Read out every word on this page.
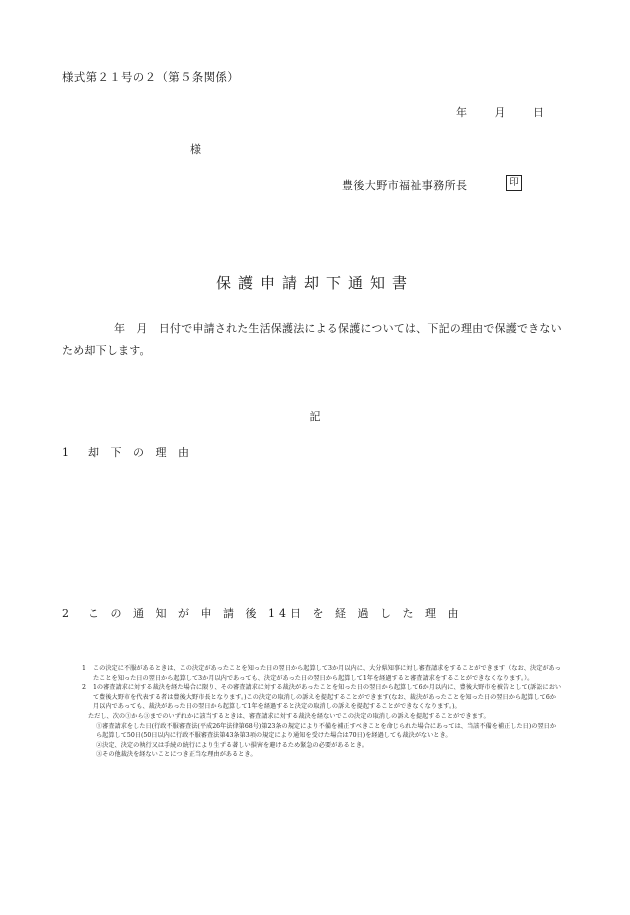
様式第２１号の２（第５条関係）
年	月	日
様
豊後大野市福祉事務所長	印
保護申請却下通知書
年　月　日付で申請された生活保護法による保護については、下記の理由で保護できないため却下します。
記
1　却 下 の 理 由
2　こ の 通 知 が 申 請 後 14日 を 経 過 し た 理 由
1 この決定に不服があるときは、この決定があったことを知った日の翌日から起算して3か月以内に、大分県知事に対し審査請求をすることができます（なお、決定があったことを知った日の翌日から起算して3か月以内であっても、決定があった日の翌日から起算して1年を経過すると審査請求をすることができなくなります。）。
2 1の審査請求に対する裁決を経た場合に限り、その審査請求に対する裁決があったことを知った日の翌日から起算して6か月以内に、豊後大野市を被告として(訴訟において豊後大野市を代表する者は豊後大野市長となります。)この決定の取消しの訴えを提起することができます(なお、裁決があったことを知った日の翌日から起算して6か月以内であっても、裁決があった日の翌日から起算して1年を経過すると決定の取消しの訴えを提起することができなくなります。)。
ただし、次の①から③までのいずれかに該当するときは、審査請求に対する裁決を経ないでこの決定の取消しの訴えを提起することができます。
①審査請求をした日(行政不服審査法(平成26年法律第68号)第23条の規定により不備を補正すべきことを命じられた場合にあっては、当該不備を補正した日)の翌日から起算して50日(50日以内に行政不服審査法第43条第3項の規定により通知を受けた場合は70日)を経過しても裁決がないとき。
②決定、決定の執行又は手続の続行により生ずる著しい損害を避けるため緊急の必要があるとき。
③その他裁決を経ないことにつき正当な理由があるとき。
